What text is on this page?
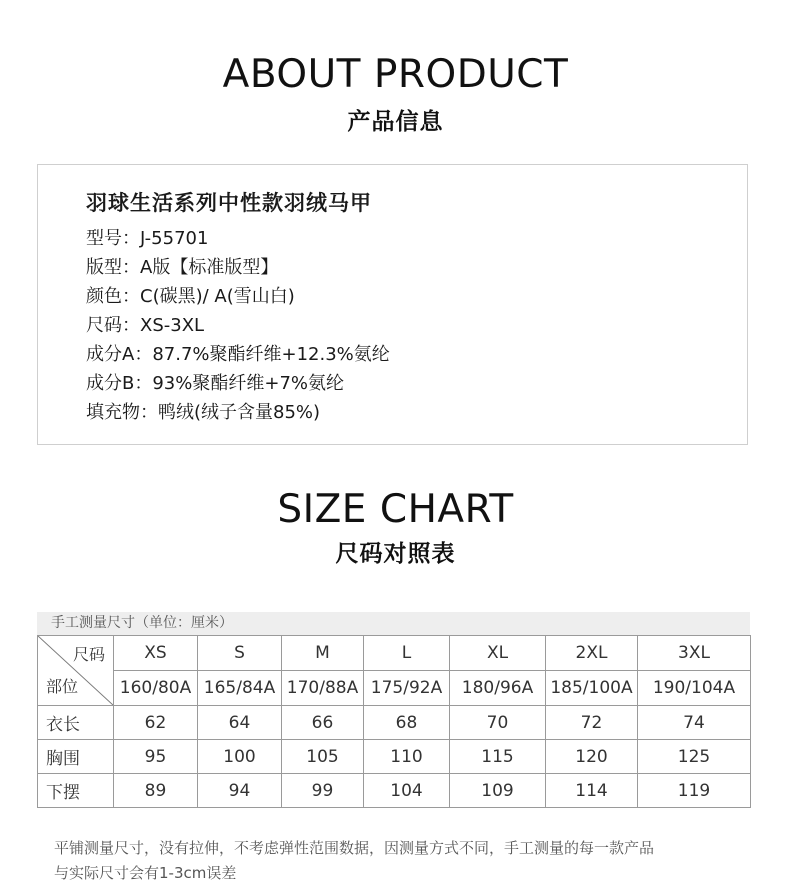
ABOUT PRODUCT
产品信息

羽球生活系列中性款羽绒马甲

型号：J-55701
版型：A版【标准版型】
颜色：C(碳黑)/ A(雪山白)
尺码：XS-3XL
成分A：87.7%聚酯纤维+12.3%氨纶
成分B：93%聚酯纤维+7%氨纶
填充物：鸭绒(绒子含量85%)
SIZE CHART
尺码对照表
手工测量尺寸（单位：厘米）
尺码
部位	XS	S	M	L	XL	2XL	3XL
	160/80A	165/84A	170/88A	175/92A	180/96A	185/100A	190/104A
衣长	62	64	66	68	70	72	74
胸围	95	100	105	110	115	120	125
下摆	89	94	99	104	109	114	119
平铺测量尺寸，没有拉伸，不考虑弹性范围数据，因测量方式不同，手工测量的每一款产品
与实际尺寸会有1-3cm误差
